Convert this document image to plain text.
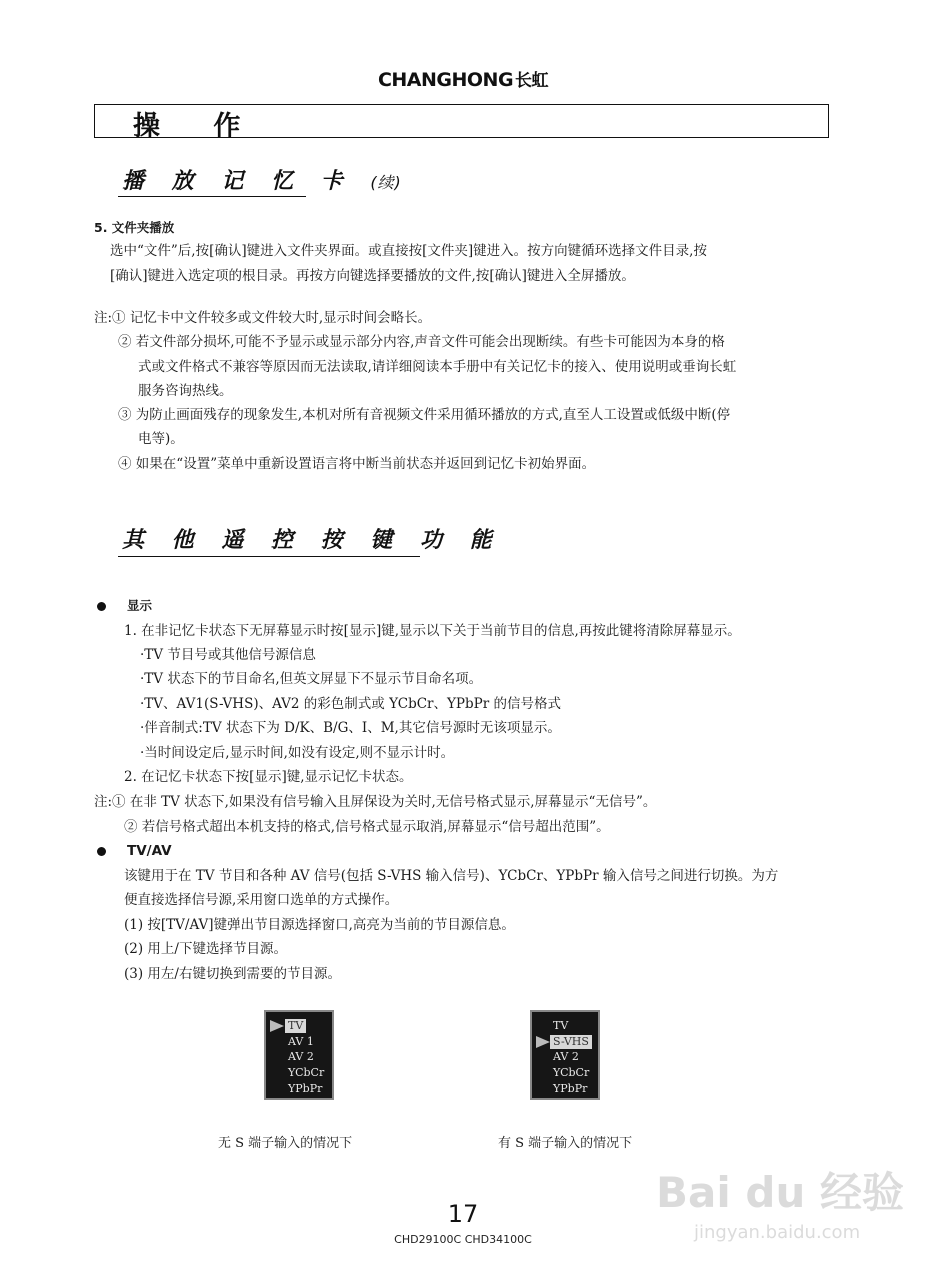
CHANGHONG 长虹
操 作
播 放 记 忆 卡 (续)
5. 文件夹播放
选中“文件”后,按[确认]键进入文件夹界面。或直接按[文件夹]键进入。按方向键循环选择文件目录,按
[确认]键进入选定项的根目录。再按方向键选择要播放的文件,按[确认]键进入全屏播放。
注:① 记忆卡中文件较多或文件较大时,显示时间会略长。
② 若文件部分损坏,可能不予显示或显示部分内容,声音文件可能会出现断续。有些卡可能因为本身的格
式或文件格式不兼容等原因而无法读取,请详细阅读本手册中有关记忆卡的接入、使用说明或垂询长虹
服务咨询热线。
③ 为防止画面残存的现象发生,本机对所有音视频文件采用循环播放的方式,直至人工设置或低级中断(停
电等)。
④ 如果在“设置”菜单中重新设置语言将中断当前状态并返回到记忆卡初始界面。
其 他 遥 控 按 键 功 能
显示
1. 在非记忆卡状态下无屏幕显示时按[显示]键,显示以下关于当前节目的信息,再按此键将清除屏幕显示。
·TV 节目号或其他信号源信息
·TV 状态下的节目命名,但英文屏显下不显示节目命名项。
·TV、AV1(S-VHS)、AV2 的彩色制式或 YCbCr、YPbPr 的信号格式
·伴音制式:TV 状态下为 D/K、B/G、I、M,其它信号源时无该项显示。
·当时间设定后,显示时间,如没有设定,则不显示计时。
2. 在记忆卡状态下按[显示]键,显示记忆卡状态。
注:① 在非 TV 状态下,如果没有信号输入且屏保设为关时,无信号格式显示,屏幕显示“无信号”。
② 若信号格式超出本机支持的格式,信号格式显示取消,屏幕显示“信号超出范围”。
TV/AV
该键用于在 TV 节目和各种 AV 信号(包括 S-VHS 输入信号)、YCbCr、YPbPr 输入信号之间进行切换。为方
便直接选择信号源,采用窗口选单的方式操作。
(1) 按[TV/AV]键弹出节目源选择窗口,高亮为当前的节目源信息。
(2) 用上/下键选择节目源。
(3) 用左/右键切换到需要的节目源。
TV
AV 1
AV 2
YCbCr
YPbPr
无 S 端子输入的情况下
TV
S-VHS
AV 2
YCbCr
YPbPr
有 S 端子输入的情况下
17
CHD29100C CHD34100C
Bai du 经验
jingyan.baidu.com
